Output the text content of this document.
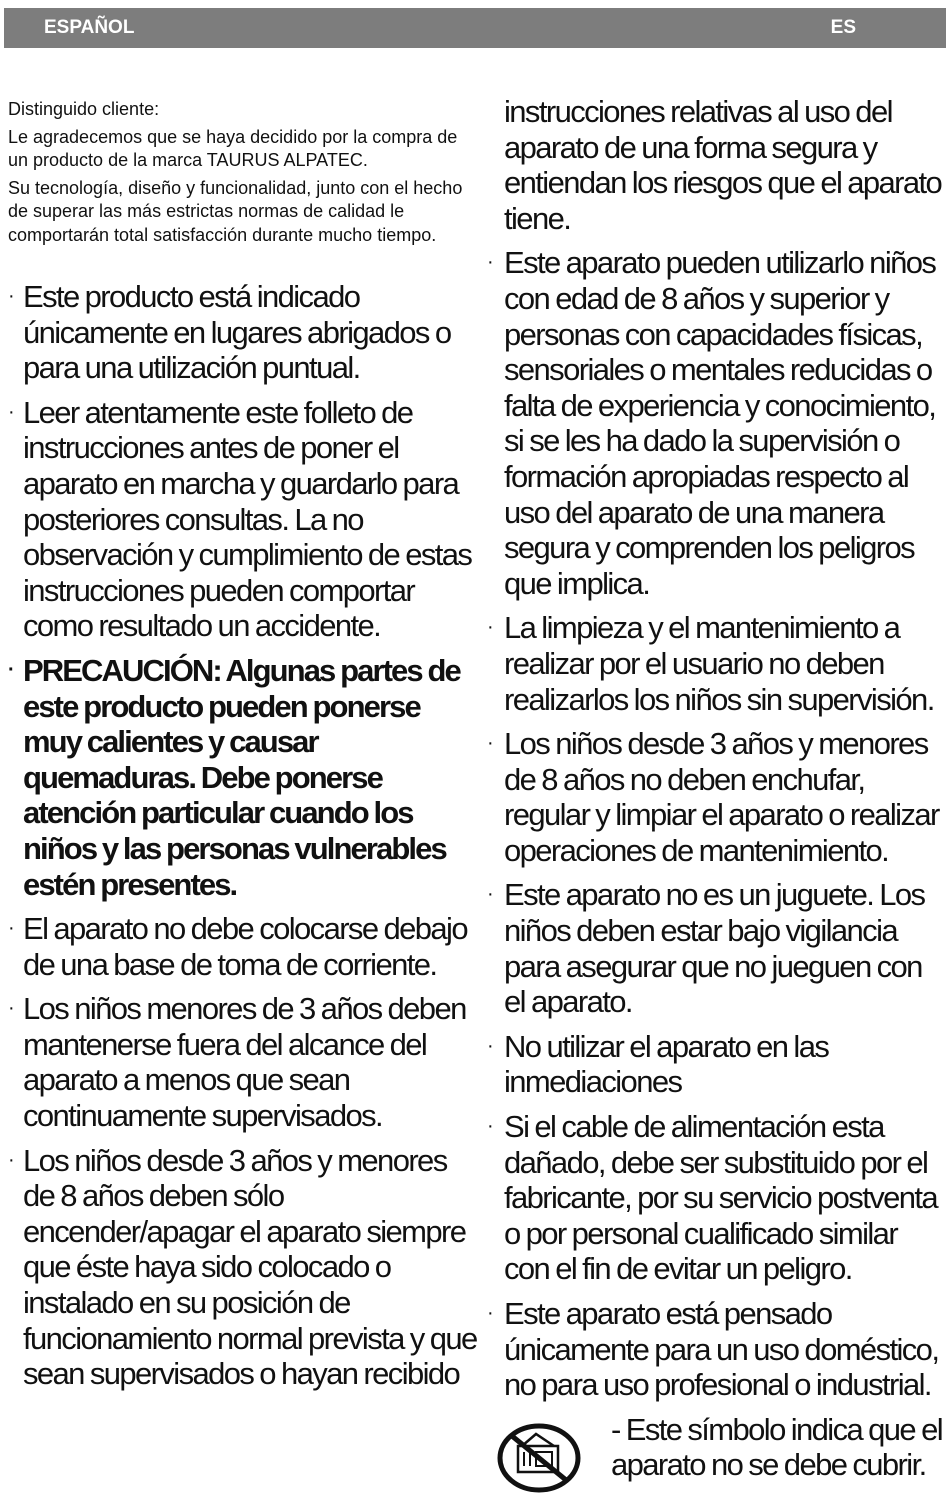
ESPAÑOL	ES

Distinguido cliente:

Le agradecemos que se haya decidido por la compra de un producto de la marca TAURUS ALPATEC.

Su tecnología, diseño y funcionalidad, junto con el hecho de superar las más estrictas normas de calidad le comportarán total satisfacción durante mucho tiempo.

· Este producto está indicado únicamente en lugares abrigados o para una utilización puntual.
· Leer atentamente este folleto de instrucciones antes de poner el aparato en marcha y guardarlo para posteriores consultas. La no observación y cumplimiento de estas instrucciones pueden comportar como resultado un accidente.
· PRECAUCIÓN: Algunas partes de este producto pueden ponerse muy calientes y causar quemaduras. Debe ponerse atención particular cuando los niños y las personas vulnerables estén presentes.
· El aparato no debe colocarse debajo de una base de toma de corriente.
· Los niños menores de 3 años deben mantenerse fuera del alcance del aparato a menos que sean continuamente supervisados.
· Los niños desde 3 años y menores de 8 años deben sólo encender/apagar el aparato siempre que éste haya sido colocado o instalado en su posición de funcionamiento normal prevista y que sean supervisados o hayan recibido
instrucciones relativas al uso del aparato de una forma segura y entiendan los riesgos que el aparato tiene.
· Este aparato pueden utilizarlo niños con edad de 8 años y superior y personas con capacidades físicas, sensoriales o mentales reducidas o falta de experiencia y conocimiento, si se les ha dado la supervisión o formación apropiadas respecto al uso del aparato de una manera segura y comprenden los peligros que implica.
· La limpieza y el mantenimiento a realizar por el usuario no deben realizarlos los niños sin supervisión.
· Los niños desde 3 años y menores de 8 años no deben enchufar, regular y limpiar el aparato o realizar operaciones de mantenimiento.
· Este aparato no es un juguete. Los niños deben estar bajo vigilancia para asegurar que no jueguen con el aparato.
· No utilizar el aparato en las inmediaciones
· Si el cable de alimentación esta dañado, debe ser substituido por el fabricante, por su servicio postventa o por personal cualificado similar con el fin de evitar un peligro.
· Este aparato está pensado únicamente para un uso doméstico, no para uso profesional o industrial.
- Este símbolo indica que el aparato no se debe cubrir.
